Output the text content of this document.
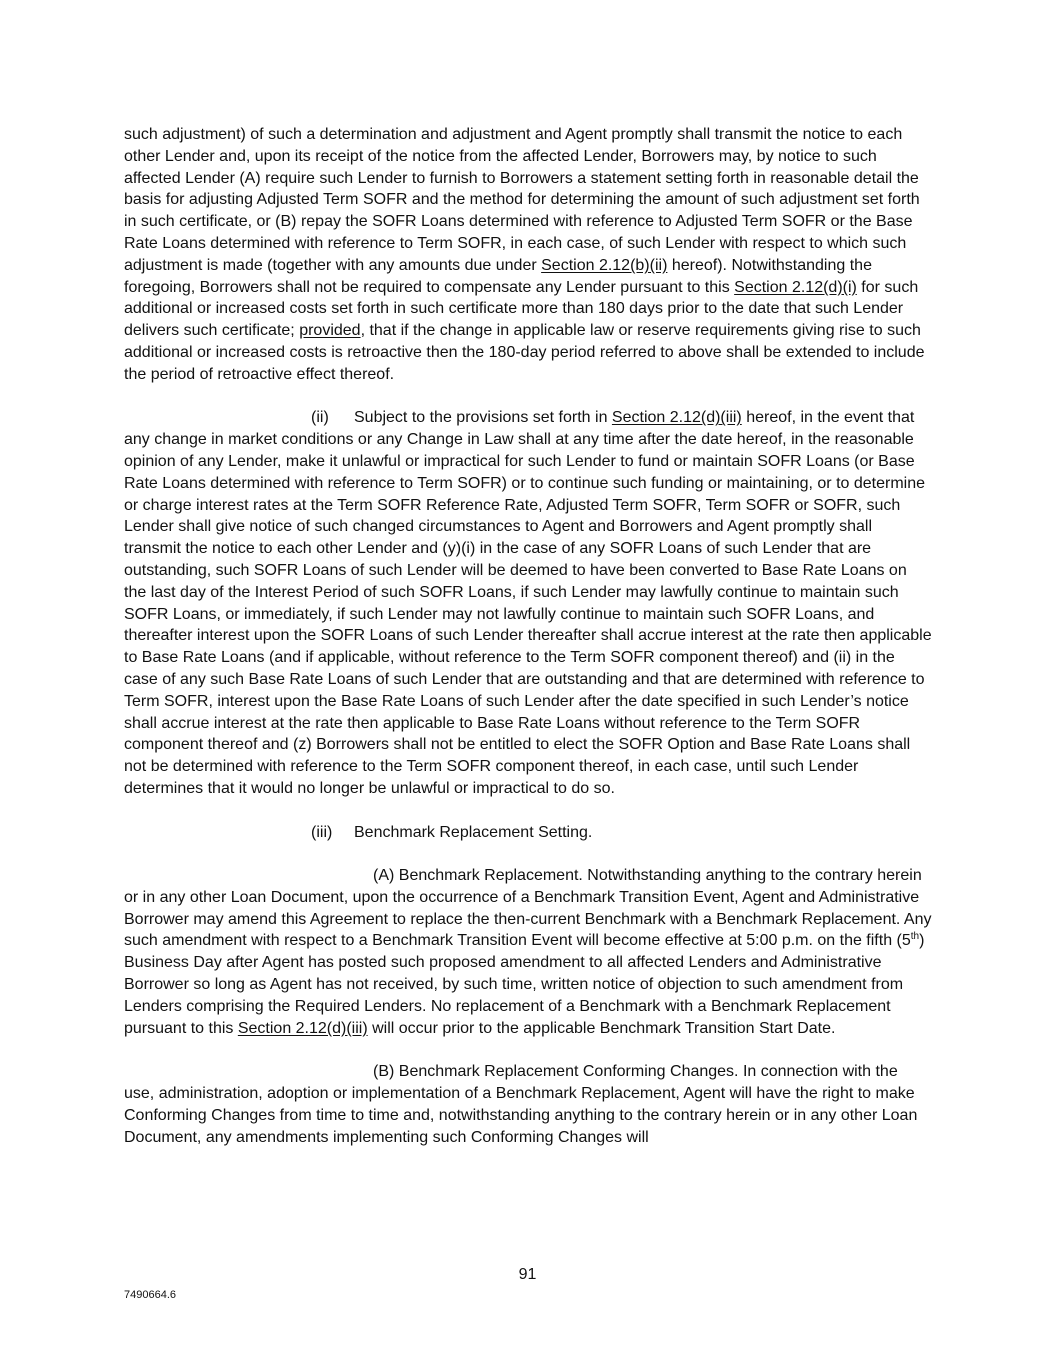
such adjustment) of such a determination and adjustment and Agent promptly shall transmit the notice to each other Lender and, upon its receipt of the notice from the affected Lender, Borrowers may, by notice to such affected Lender (A) require such Lender to furnish to Borrowers a statement setting forth in reasonable detail the basis for adjusting Adjusted Term SOFR and the method for determining the amount of such adjustment set forth in such certificate, or (B) repay the SOFR Loans determined with reference to Adjusted Term SOFR or the Base Rate Loans determined with reference to Term SOFR, in each case, of such Lender with respect to which such adjustment is made (together with any amounts due under Section 2.12(b)(ii) hereof). Notwithstanding the foregoing, Borrowers shall not be required to compensate any Lender pursuant to this Section 2.12(d)(i) for such additional or increased costs set forth in such certificate more than 180 days prior to the date that such Lender delivers such certificate; provided, that if the change in applicable law or reserve requirements giving rise to such additional or increased costs is retroactive then the 180-day period referred to above shall be extended to include the period of retroactive effect thereof.

(ii) Subject to the provisions set forth in Section 2.12(d)(iii) hereof, in the event that any change in market conditions or any Change in Law shall at any time after the date hereof, in the reasonable opinion of any Lender, make it unlawful or impractical for such Lender to fund or maintain SOFR Loans (or Base Rate Loans determined with reference to Term SOFR) or to continue such funding or maintaining, or to determine or charge interest rates at the Term SOFR Reference Rate, Adjusted Term SOFR, Term SOFR or SOFR, such Lender shall give notice of such changed circumstances to Agent and Borrowers and Agent promptly shall transmit the notice to each other Lender and (y)(i) in the case of any SOFR Loans of such Lender that are outstanding, such SOFR Loans of such Lender will be deemed to have been converted to Base Rate Loans on the last day of the Interest Period of such SOFR Loans, if such Lender may lawfully continue to maintain such SOFR Loans, or immediately, if such Lender may not lawfully continue to maintain such SOFR Loans, and thereafter interest upon the SOFR Loans of such Lender thereafter shall accrue interest at the rate then applicable to Base Rate Loans (and if applicable, without reference to the Term SOFR component thereof) and (ii) in the case of any such Base Rate Loans of such Lender that are outstanding and that are determined with reference to Term SOFR, interest upon the Base Rate Loans of such Lender after the date specified in such Lender’s notice shall accrue interest at the rate then applicable to Base Rate Loans without reference to the Term SOFR component thereof and (z) Borrowers shall not be entitled to elect the SOFR Option and Base Rate Loans shall not be determined with reference to the Term SOFR component thereof, in each case, until such Lender determines that it would no longer be unlawful or impractical to do so.

(iii) Benchmark Replacement Setting.

(A) Benchmark Replacement. Notwithstanding anything to the contrary herein or in any other Loan Document, upon the occurrence of a Benchmark Transition Event, Agent and Administrative Borrower may amend this Agreement to replace the then-current Benchmark with a Benchmark Replacement. Any such amendment with respect to a Benchmark Transition Event will become effective at 5:00 p.m. on the fifth (5th) Business Day after Agent has posted such proposed amendment to all affected Lenders and Administrative Borrower so long as Agent has not received, by such time, written notice of objection to such amendment from Lenders comprising the Required Lenders. No replacement of a Benchmark with a Benchmark Replacement pursuant to this Section 2.12(d)(iii) will occur prior to the applicable Benchmark Transition Start Date.

(B) Benchmark Replacement Conforming Changes. In connection with the use, administration, adoption or implementation of a Benchmark Replacement, Agent will have the right to make Conforming Changes from time to time and, notwithstanding anything to the contrary herein or in any other Loan Document, any amendments implementing such Conforming Changes will

91
7490664.6
